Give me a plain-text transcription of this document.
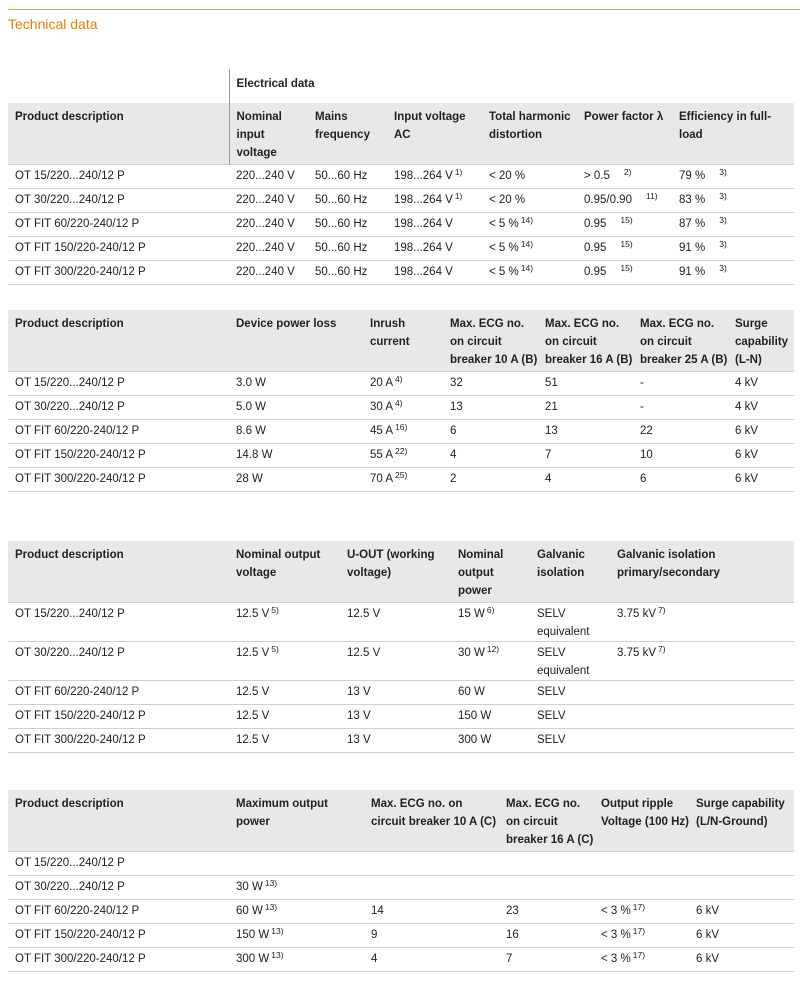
Technical data
	Electrical data					
Product description	Nominal input voltage	Mains frequency	Input voltage AC	Total harmonic distortion	Power factor λ	Efficiency in full-load
OT 15/220...240/12 P	220...240 V	50...60 Hz	198...264 V $^{1)}$	< 20 %	> 0.5 $^{2)}$	79 % $^{3)}$
OT 30/220...240/12 P	220...240 V	50...60 Hz	198...264 V $^{1)}$	< 20 %	0.95/0.90 $^{11)}$	83 % $^{3)}$
OT FIT 60/220-240/12 P	220...240 V	50...60 Hz	198...264 V	< 5 % $^{14)}$	0.95 $^{15)}$	87 % $^{3)}$
OT FIT 150/220-240/12 P	220...240 V	50...60 Hz	198...264 V	< 5 % $^{14)}$	0.95 $^{15)}$	91 % $^{3)}$
OT FIT 300/220-240/12 P	220...240 V	50...60 Hz	198...264 V	< 5 % $^{14)}$	0.95 $^{15)}$	91 % $^{3)}$
Product description	Device power loss	Inrush current	Max. ECG no. on circuit breaker 10 A (B)	Max. ECG no. on circuit breaker 16 A (B)	Max. ECG no. on circuit breaker 25 A (B)	Surge capability (L-N)
OT 15/220...240/12 P	3.0 W	20 A $^{4)}$	32	51	-	4 kV
OT 30/220...240/12 P	5.0 W	30 A $^{4)}$	13	21	-	4 kV
OT FIT 60/220-240/12 P	8.6 W	45 A $^{16)}$	6	13	22	6 kV
OT FIT 150/220-240/12 P	14.8 W	55 A $^{22)}$	4	7	10	6 kV
OT FIT 300/220-240/12 P	28 W	70 A $^{25)}$	2	4	6	6 kV
Product description	Nominal output voltage	U-OUT (working voltage)	Nominal output power	Galvanic isolation	Galvanic isolation primary/secondary
OT 15/220...240/12 P	12.5 V $^{5)}$	12.5 V	15 W $^{6)}$	SELV equivalent	3.75 kV $^{7)}$
OT 30/220...240/12 P	12.5 V $^{5)}$	12.5 V	30 W $^{12)}$	SELV equivalent	3.75 kV $^{7)}$
OT FIT 60/220-240/12 P	12.5 V	13 V	60 W	SELV	
OT FIT 150/220-240/12 P	12.5 V	13 V	150 W	SELV	
OT FIT 300/220-240/12 P	12.5 V	13 V	300 W	SELV	
Product description	Maximum output power	Max. ECG no. on circuit breaker 10 A (C)	Max. ECG no. on circuit breaker 16 A (C)	Output ripple Voltage (100 Hz)	Surge capability (L/N-Ground)
OT 15/220...240/12 P					
OT 30/220...240/12 P	30 W $^{13)}$				
OT FIT 60/220-240/12 P	60 W $^{13)}$	14	23	< 3 % $^{17)}$	6 kV
OT FIT 150/220-240/12 P	150 W $^{13)}$	9	16	< 3 % $^{17)}$	6 kV
OT FIT 300/220-240/12 P	300 W $^{13)}$	4	7	< 3 % $^{17)}$	6 kV
